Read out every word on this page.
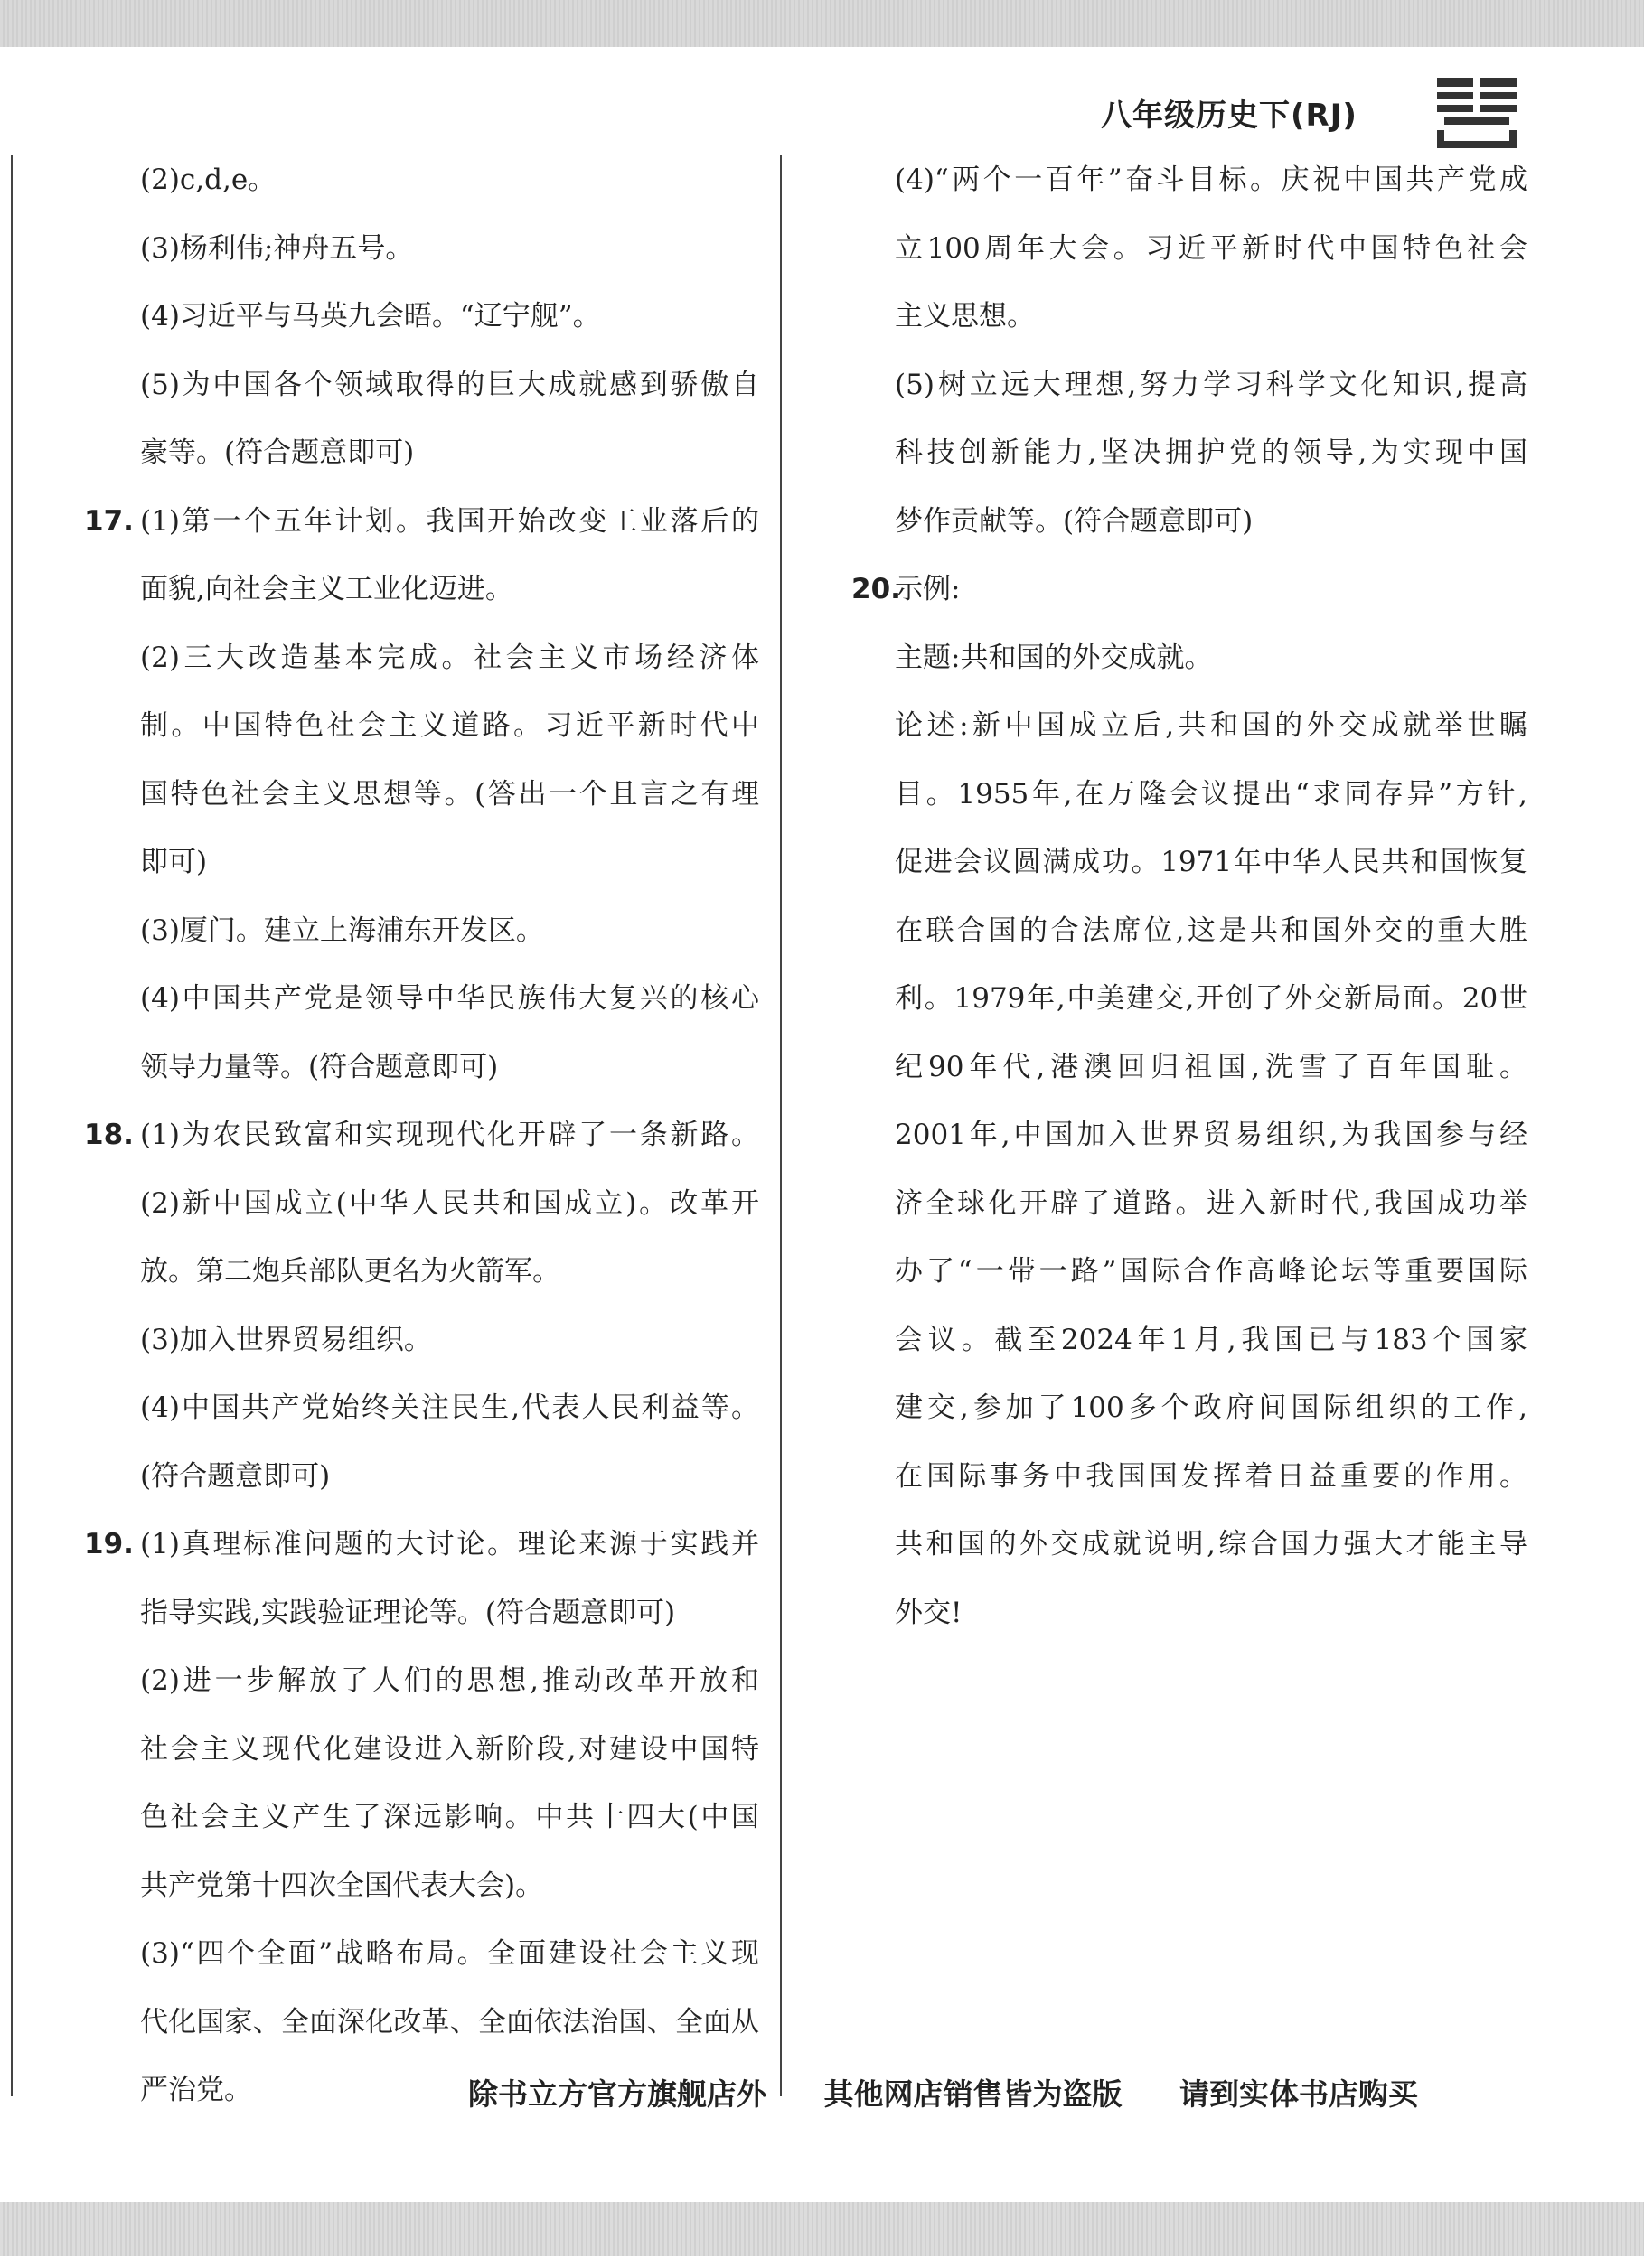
八年级历史下(RJ)
(2)c,d,e。
(3)杨利伟;神舟五号。
(4)习近平与马英九会晤。“辽宁舰”。
(5)为中国各个领域取得的巨大成就感到骄傲自
豪等。(符合题意即可)
17. (1)第一个五年计划。我国开始改变工业落后的
面貌,向社会主义工业化迈进。
(2)三大改造基本完成。社会主义市场经济体
制。中国特色社会主义道路。习近平新时代中
国特色社会主义思想等。(答出一个且言之有理
即可)
(3)厦门。建立上海浦东开发区。
(4)中国共产党是领导中华民族伟大复兴的核心
领导力量等。(符合题意即可)
18. (1)为农民致富和实现现代化开辟了一条新路。
(2)新中国成立(中华人民共和国成立)。改革开
放。第二炮兵部队更名为火箭军。
(3)加入世界贸易组织。
(4)中国共产党始终关注民生,代表人民利益等。
(符合题意即可)
19. (1)真理标准问题的大讨论。理论来源于实践并
指导实践,实践验证理论等。(符合题意即可)
(2)进一步解放了人们的思想,推动改革开放和
社会主义现代化建设进入新阶段,对建设中国特
色社会主义产生了深远影响。中共十四大(中国
共产党第十四次全国代表大会)。
(3)“四个全面”战略布局。全面建设社会主义现
代化国家、全面深化改革、全面依法治国、全面从
严治党。
(4)“两个一百年”奋斗目标。庆祝中国共产党成
立100周年大会。习近平新时代中国特色社会
主义思想。
(5)树立远大理想,努力学习科学文化知识,提高
科技创新能力,坚决拥护党的领导,为实现中国
梦作贡献等。(符合题意即可)
20.
示例:
主题:共和国的外交成就。
论述:新中国成立后,共和国的外交成就举世瞩
目。1955年,在万隆会议提出“求同存异”方针,
促进会议圆满成功。1971年中华人民共和国恢复
在联合国的合法席位,这是共和国外交的重大胜
利。1979年,中美建交,开创了外交新局面。20世
纪90年代,港澳回归祖国,洗雪了百年国耻。
2001年,中国加入世界贸易组织,为我国参与经
济全球化开辟了道路。进入新时代,我国成功举
办了“一带一路”国际合作高峰论坛等重要国际
会议。截至2024年1月,我国已与183个国家
建交,参加了100多个政府间国际组织的工作,
在国际事务中我国国发挥着日益重要的作用。
共和国的外交成就说明,综合国力强大才能主导
外交!
除书立方官方旗舰店外 其他网店销售皆为盗版 请到实体书店购买
